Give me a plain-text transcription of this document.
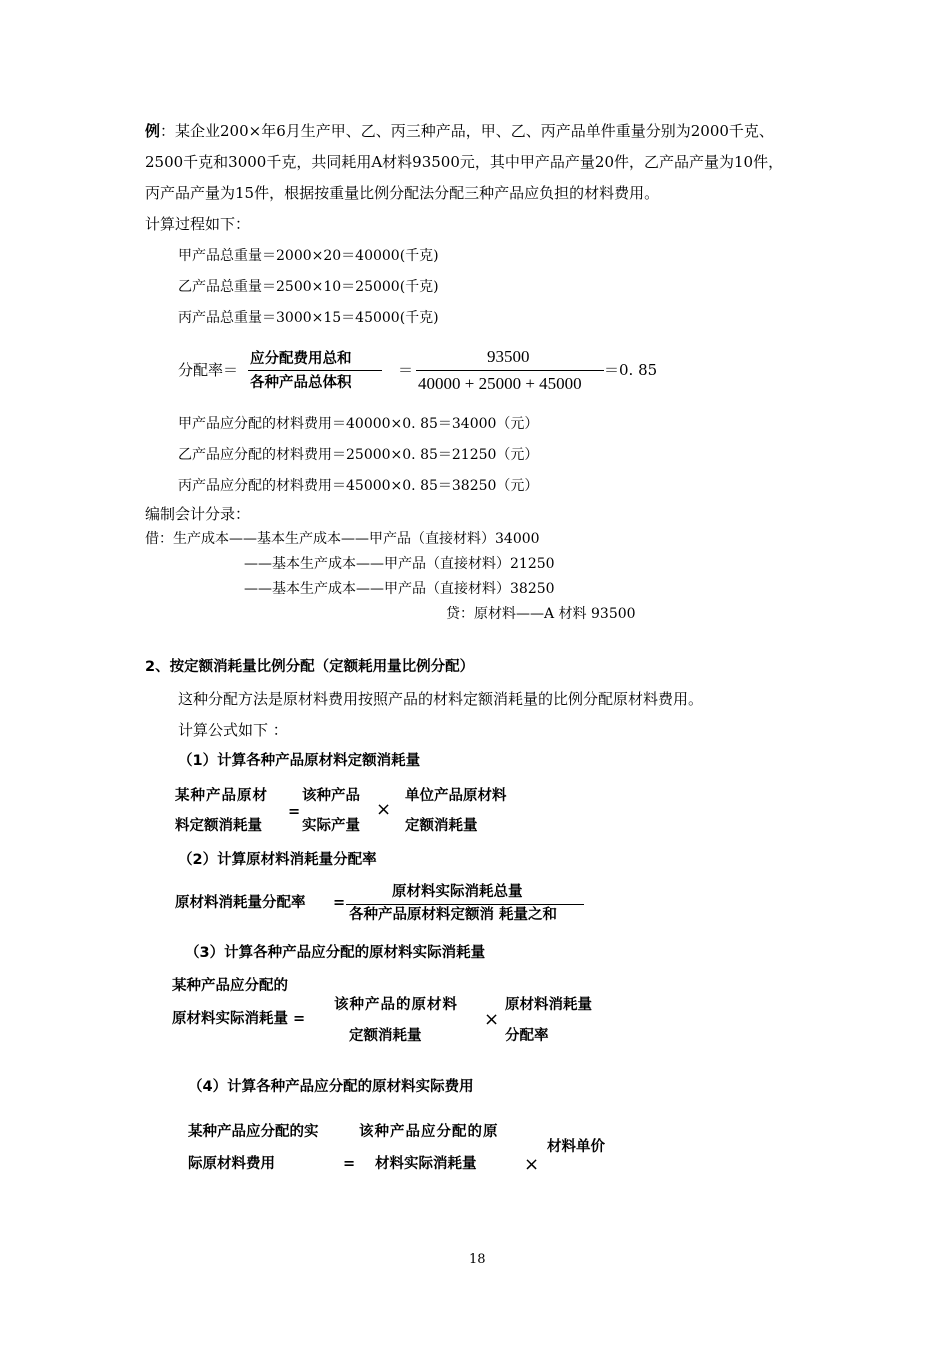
例：某企业200×年6月生产甲、乙、丙三种产品，甲、乙、丙产品单件重量分别为2000千克、
2500千克和3000千克，共同耗用A材料93500元，其中甲产品产量20件，乙产品产量为10件，
丙产品产量为15件，根据按重量比例分配法分配三种产品应负担的材料费用。
计算过程如下：
甲产品总重量＝2000×20＝40000(千克)
乙产品总重量＝2500×10＝25000(千克)
丙产品总重量＝3000×15＝45000(千克)
分配率＝
应分配费用总和
各种产品总体积
＝
93500
40000 + 25000 + 45000
＝0. 85
甲产品应分配的材料费用＝40000×0. 85＝34000（元）
乙产品应分配的材料费用＝25000×0. 85＝21250（元）
丙产品应分配的材料费用＝45000×0. 85＝38250（元）
编制会计分录：
借：生产成本——基本生产成本——甲产品（直接材料）34000
——基本生产成本——甲产品（直接材料）21250
——基本生产成本——甲产品（直接材料）38250
贷：原材料——A 材料 93500
2、按定额消耗量比例分配（定额耗用量比例分配）
这种分配方法是原材料费用按照产品的材料定额消耗量的比例分配原材料费用。
计算公式如下 ：
（1）计算各种产品原材料定额消耗量
某种产品原材
料定额消耗量
=
该种产品
实际产量
×
单位产品原材料
定额消耗量
（2）计算原材料消耗量分配率
原材料消耗量分配率 =
原材料实际消耗总量
各种产品原材料定额消 耗量之和
（3）计算各种产品应分配的原材料实际消耗量
某种产品应分配的
原材料实际消耗量 =
该种产品的原材料
定额消耗量
×
原材料消耗量
分配率
（4）计算各种产品应分配的原材料实际费用
某种产品应分配的实
际原材料费用	=
该种产品应分配的原
材料实际消耗量	×
材料单价
18
